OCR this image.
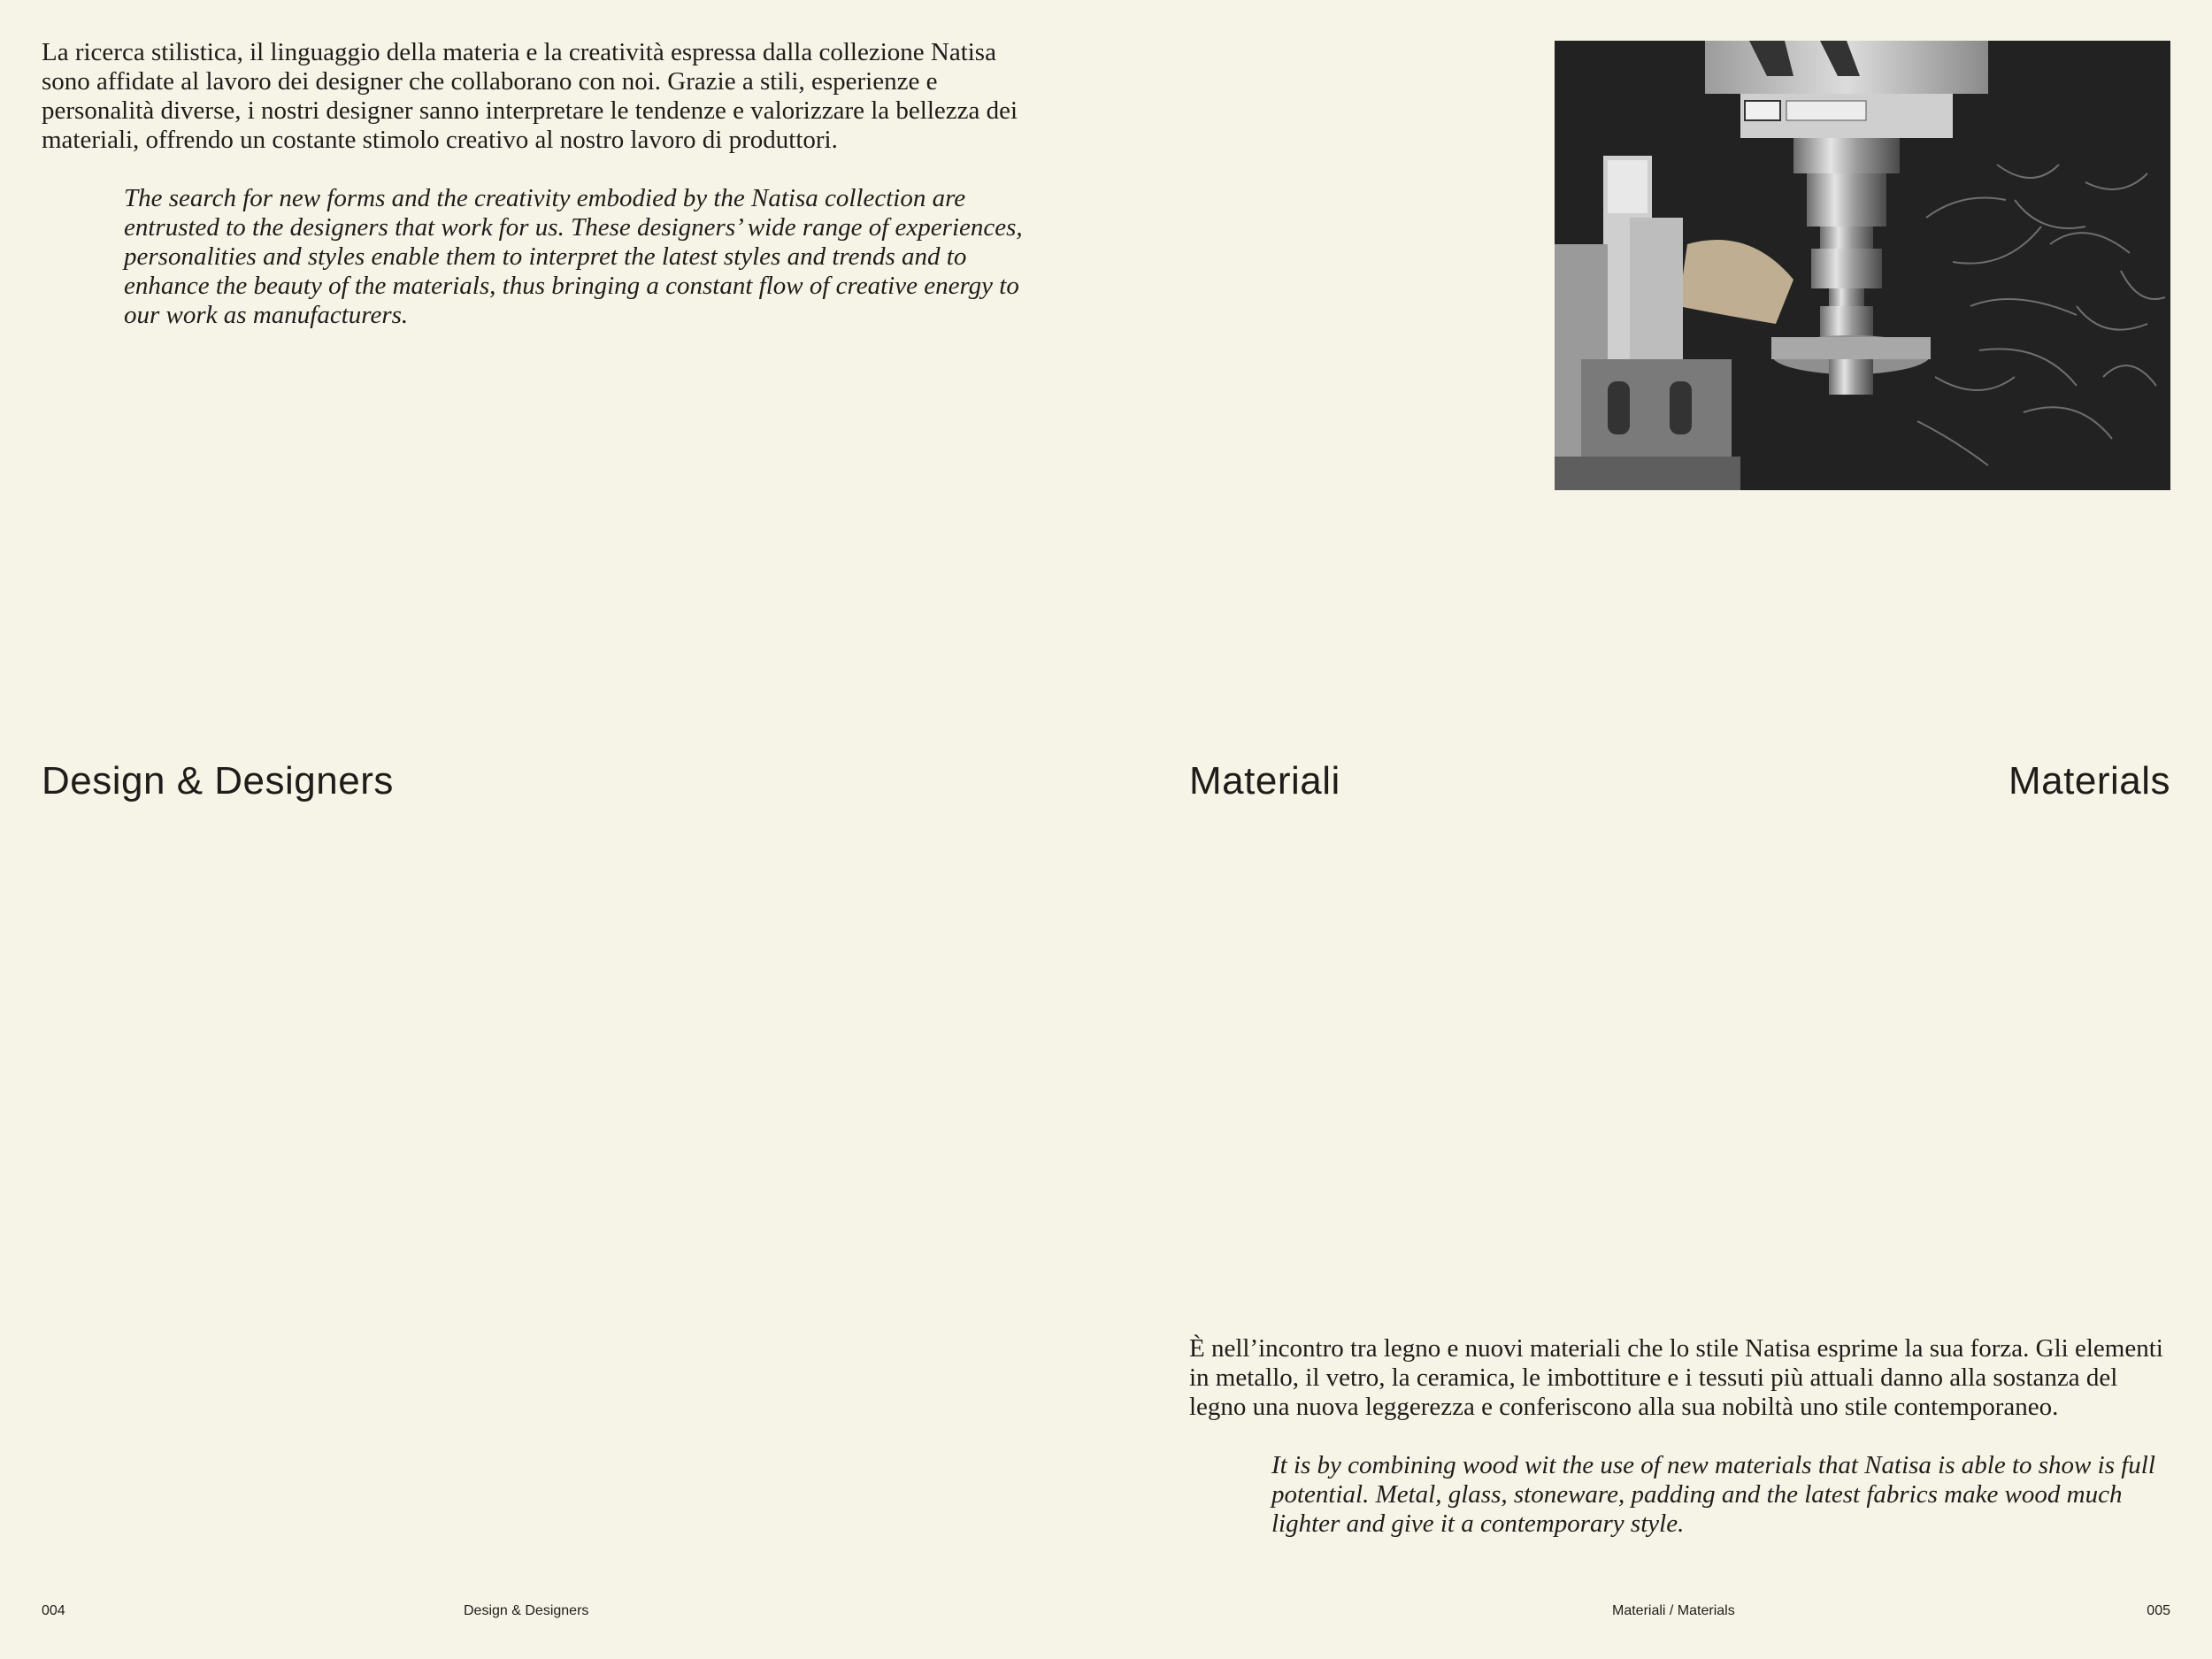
La ricerca stilistica, il linguaggio della materia e la creatività espressa dalla collezione Natisa sono affidate al lavoro dei designer che collaborano con noi. Grazie a stili, esperienze e personalità diverse, i nostri designer sanno interpretare le tendenze e valorizzare la bellezza dei materiali, offrendo un costante stimolo creativo al nostro lavoro di produttori.

The search for new forms and the creativity embodied by the Natisa collection are entrusted to the designers that work for us. These designers’ wide range of experiences, personalities and styles enable them to interpret the latest styles and trends and to enhance the beauty of the materials, thus bringing a constant flow of creative energy to our work as manufacturers.

Design & Designers	Materiali	Materials

È nell’incontro tra legno e nuovi materiali che lo stile Natisa esprime la sua forza. Gli elementi in metallo, il vetro, la ceramica, le imbottiture e i tessuti più attuali danno alla sostanza del legno una nuova leggerezza e conferiscono alla sua nobiltà uno stile contemporaneo.

It is by combining wood wit the use of new materials that Natisa is able to show is full potential. Metal, glass, stoneware, padding and the latest fabrics make wood much lighter and give it a contemporary style.

004	Design & Designers	Materiali / Materials	005
